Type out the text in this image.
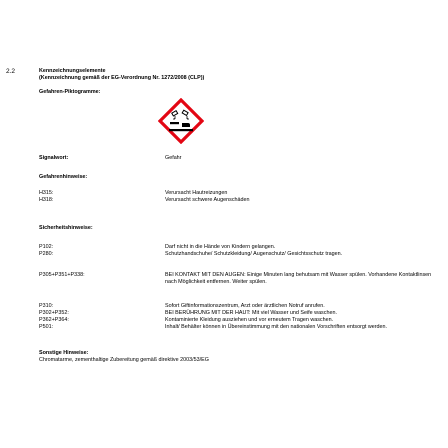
2.2	Kennzeichnungselemente
(Kennzeichnung gemäß der EG-Verordnung Nr. 1272/2008 (CLP))
Gefahren-Piktogramme:
Signalwort:	Gefahr
Gefahrenhinweise:
H315:	Verursacht Hautreizungen
H318:	Verursacht schwere Augenschäden
Sicherheitshinweise:
P102:	Darf nicht in die Hände von Kindern gelangen.
P280:	Schutzhandschuhe/ Schutzkleidung/ Augenschutz/ Gesichtsschutz tragen.
P305+P351+P338:	BEI KONTAKT MIT DEN AUGEN: Einige Minuten lang behutsam mit Wasser spülen. Vorhandene Kontaktlinsen nach Möglichkeit entfernen. Weiter spülen.
P310:	Sofort Giftinformationszentrum, Arzt oder ärztlichen Notruf anrufen.
P302+P352:	BEI BERÜHRUNG MIT DER HAUT: Mit viel Wasser und Seife waschen.
P362+P364:	Kontaminierte Kleidung ausziehen und vor erneutem Tragen waschen.
P501:	Inhalt/ Behälter können in Übereinstimmung mit den nationalen Vorschriften entsorgt werden.
Sonstige Hinweise:
Chromatarme, zementhaltige Zubereitung gemäß direktive 2003/53/EG
